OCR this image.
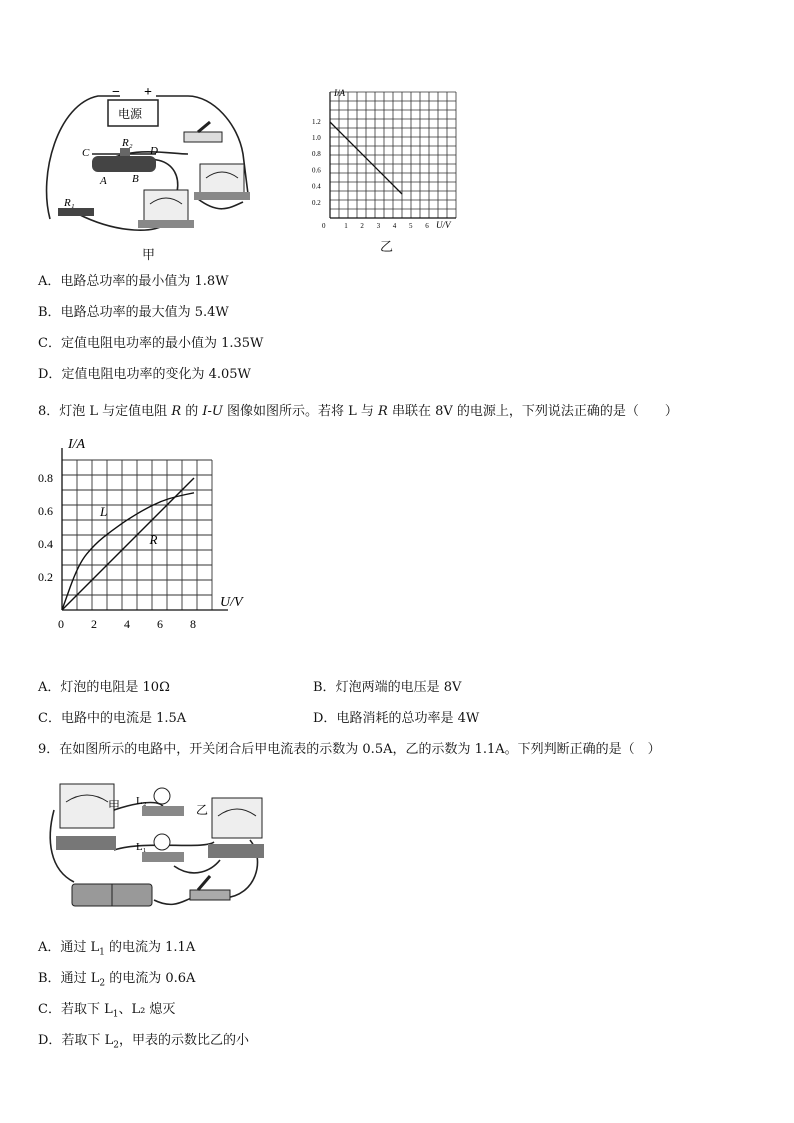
电源
− +
C
R₂
D
A B
R₁
甲
I/A
U/V
0
0.2
0.4
0.6
0.8
1.0
1.2
1 2 3 4 5 6
乙
A．电路总功率的最小值为 1.8W
B．电路总功率的最大值为 5.4W
C．定值电阻电功率的最小值为 1.35W
D．定值电阻电功率的变化为 4.05W
8．灯泡 L 与定值电阻 R 的 I-U 图像如图所示。若将 L 与 R 串联在 8V 的电源上，下列说法正确的是（　　）
0.2
0.4
0.6
0.8
0 2 4 6 8
I/A
U/V
L
R
A．灯泡的电阻是 10Ω	B．灯泡两端的电压是 8V
C．电路中的电流是 1.5A	D．电路消耗的总功率是 4W
9．在如图所示的电路中，开关闭合后甲电流表的示数为 0.5A，乙的示数为 1.1A。下列判断正确的是（　）
甲 L₂
L₁
乙
A．通过 $L_1$ 的电流为 1.1A
B．通过 $L_2$ 的电流为 0.6A
C．若取下 $L_1$、L₂ 熄灭
D．若取下 $L_2$，甲表的示数比乙的小
